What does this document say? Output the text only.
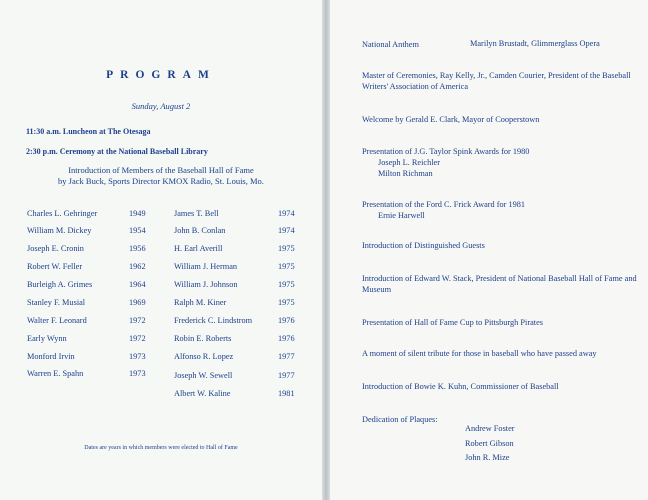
PROGRAM
Sunday, August 2
11:30 a.m. Luncheon at The Otesaga
2:30 p.m. Ceremony at the National Baseball Library
Introduction of Members of the Baseball Hall of Fame
by Jack Buck, Sports Director KMOX Radio, St. Louis, Mo.
Charles L. Gehringer	1949
William M. Dickey	1954
Joseph E. Cronin	1956
Robert W. Feller	1962
Burleigh A. Grimes	1964
Stanley F. Musial	1969
Walter F. Leonard	1972
Early Wynn	1972
Monford Irvin	1973
Warren E. Spahn	1973
James T. Bell	1974
John B. Conlan	1974
H. Earl Averill	1975
William J. Herman	1975
William J. Johnson	1975
Ralph M. Kiner	1975
Frederick C. Lindstrom	1976
Robin E. Roberts	1976
Alfonso R. Lopez	1977
Joseph W. Sewell	1977
Albert W. Kaline	1981
Dates are years in which members were elected to Hall of Fame
National Anthem	Marilyn Brustadt, Glimmerglass Opera
Master of Ceremonies, Ray Kelly, Jr., Camden Courier, President of the Baseball Writers' Association of America
Welcome by Gerald E. Clark, Mayor of Cooperstown
Presentation of J.G. Taylor Spink Awards for 1980
Joseph L. Reichler
Milton Richman
Presentation of the Ford C. Frick Award for 1981
Ernie Harwell
Introduction of Distinguished Guests
Introduction of Edward W. Stack, President of National Baseball Hall of Fame and Museum
Presentation of Hall of Fame Cup to Pittsburgh Pirates
A moment of silent tribute for those in baseball who have passed away
Introduction of Bowie K. Kuhn, Commissioner of Baseball
Dedication of Plaques:
Andrew Foster
Robert Gibson
John R. Mize
